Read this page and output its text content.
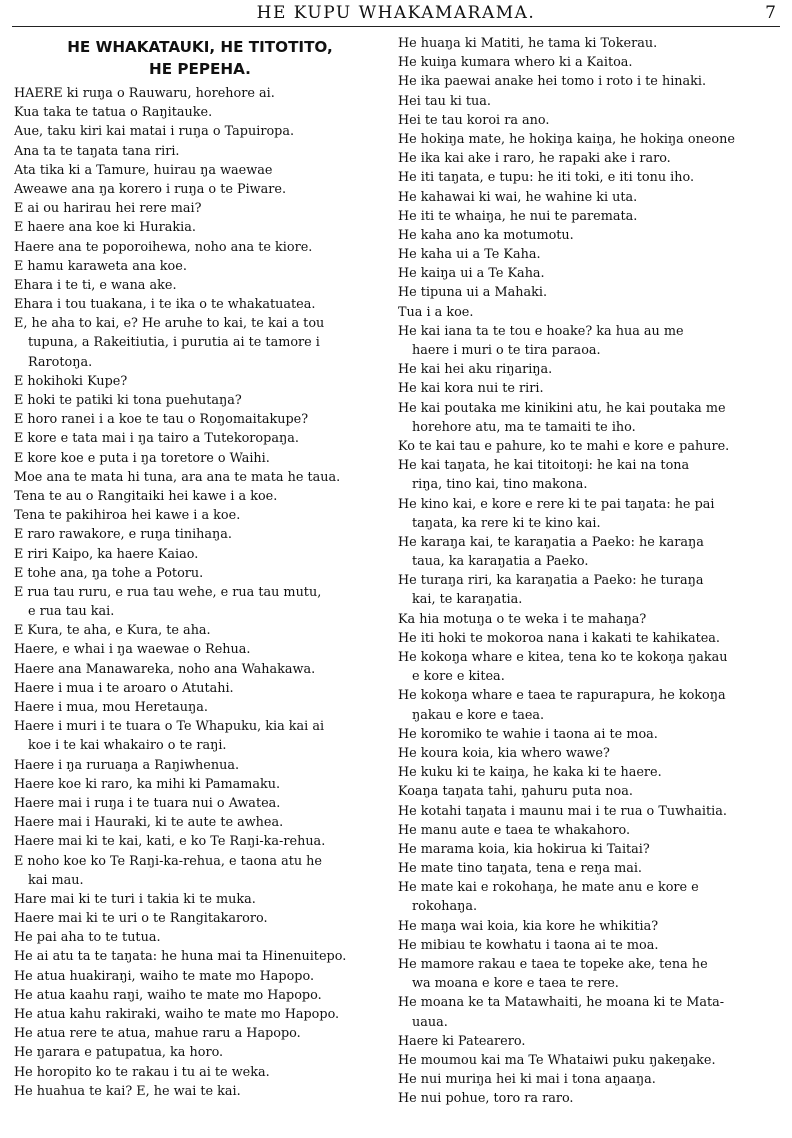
HE KUPU WHAKAMARAMA.	7
HE WHAKATAUKI, HE TITOTITO,
HE PEPEHA.
HAERE ki ruŋa o Rauwaru, horehore ai.
Kua taka te tatua o Raŋitauke.
Aue, taku kiri kai matai i ruŋa o Tapuiropa.
Ana ta te taŋata tana riri.
Ata tika ki a Tamure, huirau ŋa waewae
Aweawe ana ŋa korero i ruŋa o te Piware.
E ai ou harirau hei rere mai?
E haere ana koe ki Hurakia.
Haere ana te poporoihewa, noho ana te kiore.
E hamu karaweta ana koe.
Ehara i te ti, e wana ake.
Ehara i tou tuakana, i te ika o te whakatuatea.
E, he aha to kai, e? He aruhe to kai, te kai a tou
tupuna, a Rakeitiutia, i purutia ai te tamore i
Rarotoŋa.
E hokihoki Kupe?
E hoki te patiki ki tona puehutaŋa?
E horo ranei i a koe te tau o Roŋomaitakupe?
E kore e tata mai i ŋa tairo a Tutekoropaŋa.
E kore koe e puta i ŋa toretore o Waihi.
Moe ana te mata hi tuna, ara ana te mata he taua.
Tena te au o Rangitaiki hei kawe i a koe.
Tena te pakihiroa hei kawe i a koe.
E raro rawakore, e ruŋa tinihaŋa.
E riri Kaipo, ka haere Kaiao.
E tohe ana, ŋa tohe a Potoru.
E rua tau ruru, e rua tau wehe, e rua tau mutu,
e rua tau kai.
E Kura, te aha, e Kura, te aha.
Haere, e whai i ŋa waewae o Rehua.
Haere ana Manawareka, noho ana Wahakawa.
Haere i mua i te aroaro o Atutahi.
Haere i mua, mou Heretauŋa.
Haere i muri i te tuara o Te Whapuku, kia kai ai
koe i te kai whakairo o te raŋi.
Haere i ŋa ruruaŋa a Raŋiwhenua.
Haere koe ki raro, ka mihi ki Pamamaku.
Haere mai i ruŋa i te tuara nui o Awatea.
Haere mai i Hauraki, ki te aute te awhea.
Haere mai ki te kai, kati, e ko Te Raŋi-ka-rehua.
E noho koe ko Te Raŋi-ka-rehua, e taona atu he
kai mau.
Hare mai ki te turi i takia ki te muka.
Haere mai ki te uri o te Rangitakaroro.
He pai aha to te tutua.
He ai atu ta te taŋata: he huna mai ta Hinenuitepo.
He atua huakiraŋi, waiho te mate mo Hapopo.
He atua kaahu raŋi, waiho te mate mo Hapopo.
He atua kahu rakiraki, waiho te mate mo Hapopo.
He atua rere te atua, mahue raru a Hapopo.
He ŋarara e patupatua, ka horo.
He horopito ko te rakau i tu ai te weka.
He huahua te kai? E, he wai te kai.
He huaŋa ki Matiti, he tama ki Tokerau.
He kuiŋa kumara whero ki a Kaitoa.
He ika paewai anake hei tomo i roto i te hinaki.
Hei tau ki tua.
Hei te tau koroi ra ano.
He hokiŋa mate, he hokiŋa kaiŋa, he hokiŋa oneone
He ika kai ake i raro, he rapaki ake i raro.
He iti taŋata, e tupu: he iti toki, e iti tonu iho.
He kahawai ki wai, he wahine ki uta.
He iti te whaiŋa, he nui te paremata.
He kaha ano ka motumotu.
He kaha ui a Te Kaha.
He kaiŋa ui a Te Kaha.
He tipuna ui a Mahaki.
Tua i a koe.
He kai iana ta te tou e hoake? ka hua au me
haere i muri o te tira paraoa.
He kai hei aku riŋariŋa.
He kai kora nui te riri.
He kai poutaka me kinikini atu, he kai poutaka me
horehore atu, ma te tamaiti te iho.
Ko te kai tau e pahure, ko te mahi e kore e pahure.
He kai taŋata, he kai titoitoŋi: he kai na tona
riŋa, tino kai, tino makona.
He kino kai, e kore e rere ki te pai taŋata: he pai
taŋata, ka rere ki te kino kai.
He karaŋa kai, te karaŋatia a Paeko: he karaŋa
taua, ka karaŋatia a Paeko.
He turaŋa riri, ka karaŋatia a Paeko: he turaŋa
kai, te karaŋatia.
Ka hia motuŋa o te weka i te mahaŋa?
He iti hoki te mokoroa nana i kakati te kahikatea.
He kokoŋa whare e kitea, tena ko te kokoŋa ŋakau
e kore e kitea.
He kokoŋa whare e taea te rapurapura, he kokoŋa
ŋakau e kore e taea.
He koromiko te wahie i taona ai te moa.
He koura koia, kia whero wawe?
He kuku ki te kaiŋa, he kaka ki te haere.
Koaŋa taŋata tahi, ŋahuru puta noa.
He kotahi taŋata i maunu mai i te rua o Tuwhaitia.
He manu aute e taea te whakahoro.
He marama koia, kia hokirua ki Taitai?
He mate tino taŋata, tena e reŋa mai.
He mate kai e rokohaŋa, he mate anu e kore e
rokohaŋa.
He maŋa wai koia, kia kore he whikitia?
He mibiau te kowhatu i taona ai te moa.
He mamore rakau e taea te topeke ake, tena he
wa moana e kore e taea te rere.
He moana ke ta Matawhaiti, he moana ki te Mata-
uaua.
Haere ki Patearero.
He moumou kai ma Te Whataiwi puku ŋakeŋake.
He nui muriŋa hei ki mai i tona aŋaaŋa.
He nui pohue, toro ra raro.
